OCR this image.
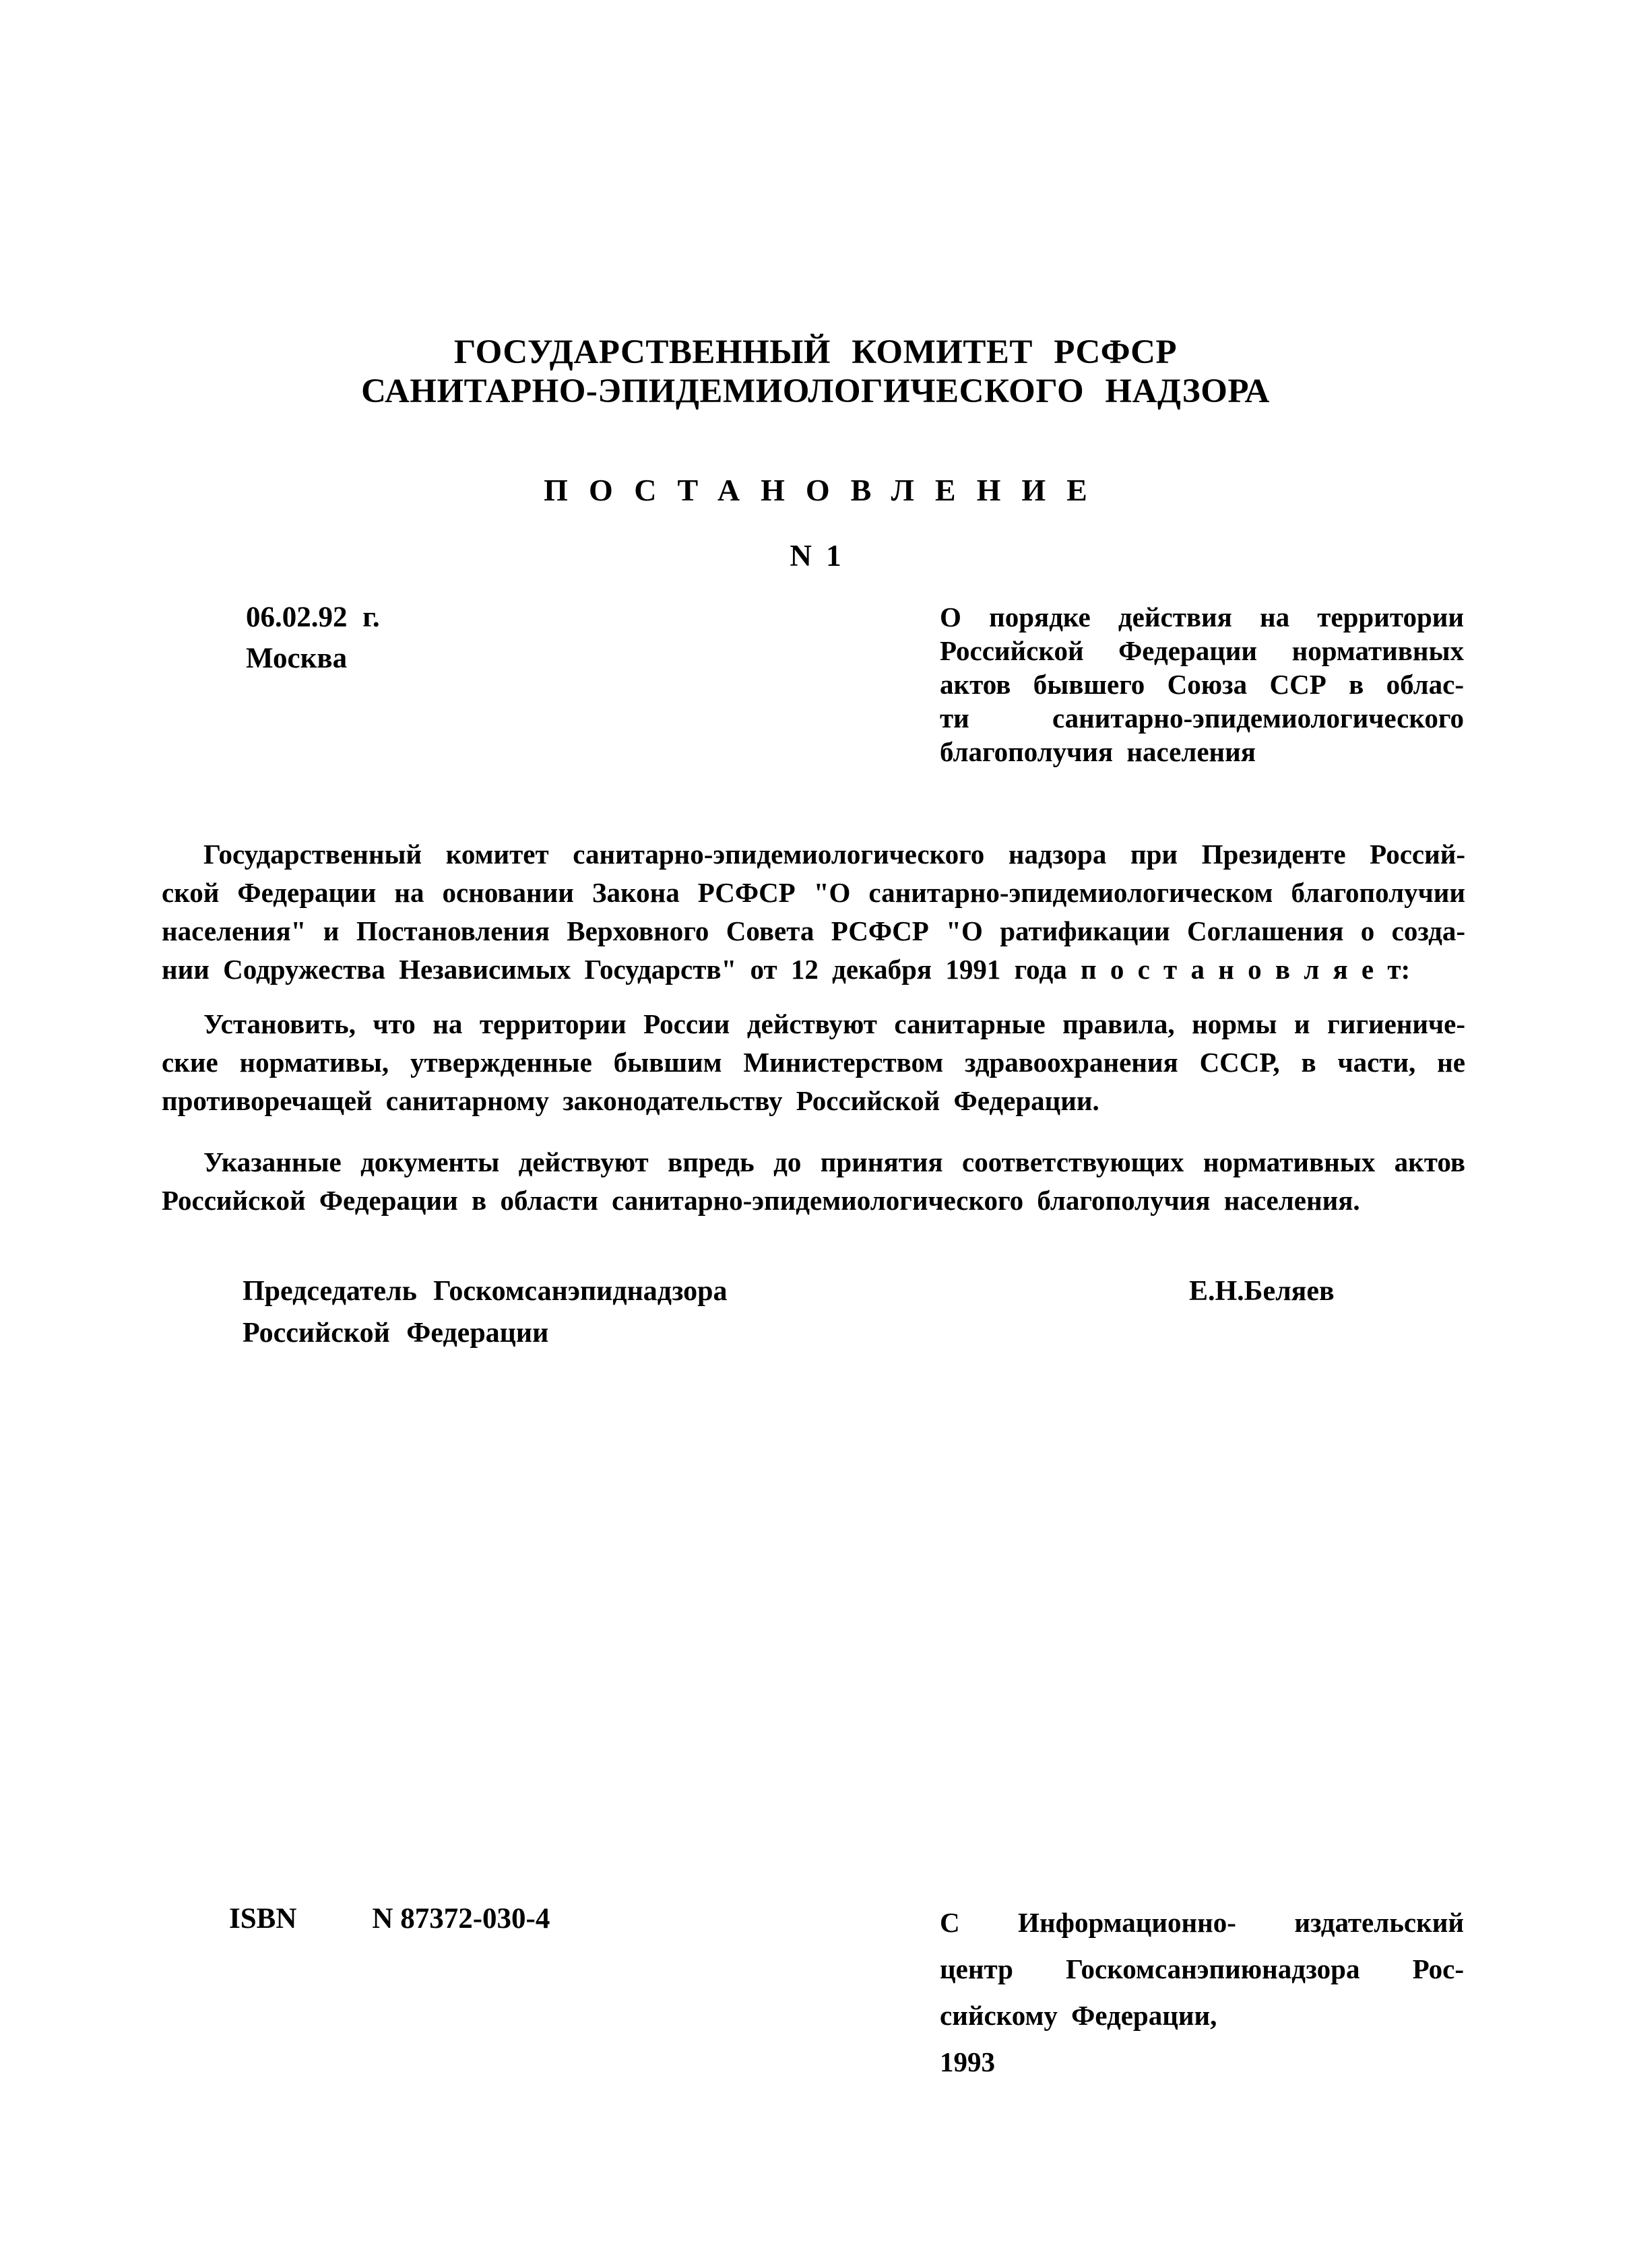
ГОСУДАРСТВЕННЫЙ КОМИТЕТ РСФСР
САНИТАРНО-ЭПИДЕМИОЛОГИЧЕСКОГО НАДЗОРА
ПОСТАНОВЛЕНИЕ
N 1
06.02.92 г.
Москва
О порядке действия на территории
Российской Федерации нормативных
актов бывшего Союза ССР в облас-
ти санитарно-эпидемиологического
благополучия населения
Государственный комитет санитарно-эпидемиологического надзора при Президенте Россий-
ской Федерации на основании Закона РСФСР "О санитарно-эпидемиологическом благополучии
населения" и Постановления Верховного Совета РСФСР "О ратификации Соглашения о созда-
нии Содружества Независимых Государств" от 12 декабря 1991 года п о с т а н о в л я е т:
Установить, что на территории России действуют санитарные правила, нормы и гигиениче-
ские нормативы, утвержденные бывшим Министерством здравоохранения СССР, в части, не
противоречащей санитарному законодательству Российской Федерации.
Указанные документы действуют впредь до принятия соответствующих нормативных актов
Российской Федерации в области санитарно-эпидемиологического благополучия населения.
Председатель Госкомсанэпиднадзора
Российской Федерации
Е.Н.Беляев
ISBN	N 87372-030-4	С Информационно- издательский
центр Госкомсанэпиюнадзора Рос-
сийскому Федерации,
1993
